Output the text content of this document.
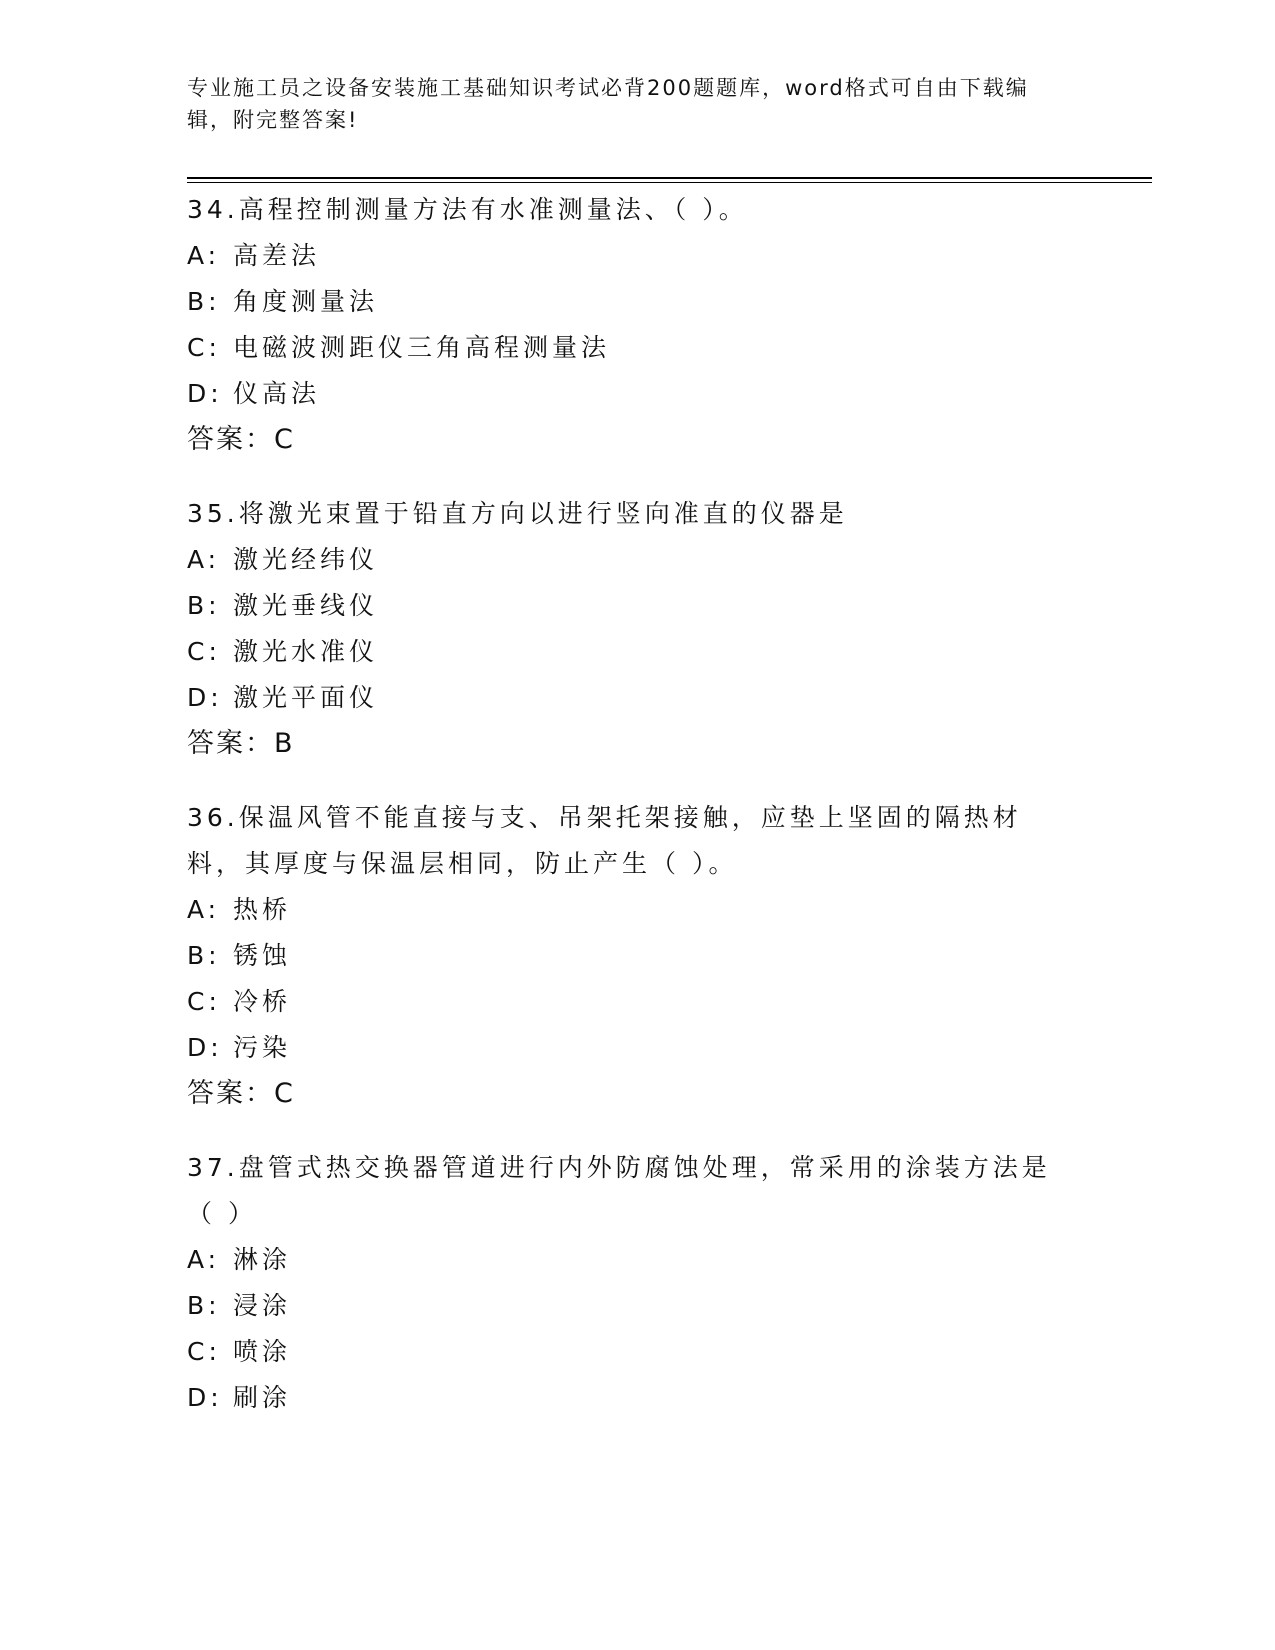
专业施工员之设备安装施工基础知识考试必背200题题库，word格式可自由下载编辑，附完整答案!
34.高程控制测量方法有水准测量法、（ ）。
A: 高差法
B: 角度测量法
C: 电磁波测距仪三角高程测量法
D: 仪高法
答案：C
35.将激光束置于铅直方向以进行竖向准直的仪器是
A: 激光经纬仪
B: 激光垂线仪
C: 激光水准仪
D: 激光平面仪
答案：B
36.保温风管不能直接与支、吊架托架接触，应垫上坚固的隔热材料，其厚度与保温层相同，防止产生（ ）。
A: 热桥
B: 锈蚀
C: 冷桥
D: 污染
答案：C
37.盘管式热交换器管道进行内外防腐蚀处理，常采用的涂装方法是（ ）
A: 淋涂
B: 浸涂
C: 喷涂
D: 刷涂
